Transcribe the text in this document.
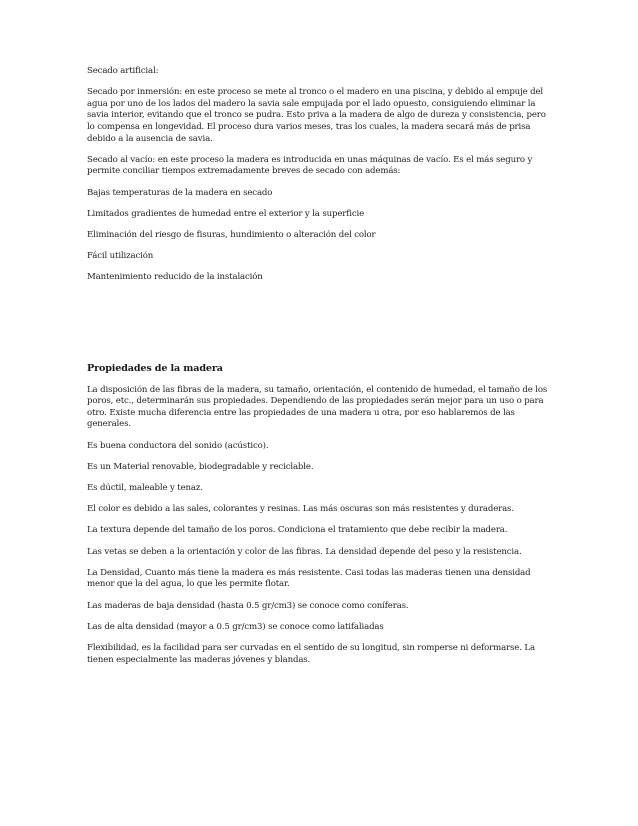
Secado artificial:

Secado por inmersión: en este proceso se mete al tronco o el madero en una piscina, y debido al empuje del agua por uno de los lados del madero la savia sale empujada por el lado opuesto, consiguiendo eliminar la savia interior, evitando que el tronco se pudra. Esto priva a la madera de algo de dureza y consistencia, pero lo compensa en longevidad. El proceso dura varios meses, tras los cuales, la madera secará más de prisa debido a la ausencia de savia.

Secado al vacío: en este proceso la madera es introducida en unas máquinas de vacío. Es el más seguro y permite conciliar tiempos extremadamente breves de secado con además:

Bajas temperaturas de la madera en secado

Limitados gradientes de humedad entre el exterior y la superficie

Eliminación del riesgo de fisuras, hundimiento o alteración del color

Fácil utilización

Mantenimiento reducido de la instalación

Propiedades de la madera

La disposición de las fibras de la madera, su tamaño, orientación, el contenido de humedad, el tamaño de los poros, etc., determinarán sus propiedades. Dependiendo de las propiedades serán mejor para un uso o para otro. Existe mucha diferencia entre las propiedades de una madera u otra, por eso hablaremos de las generales.

Es buena conductora del sonido (acústico).

Es un Material renovable, biodegradable y reciclable.

Es dúctil, maleable y tenaz.

El color es debido a las sales, colorantes y resinas. Las más oscuras son más resistentes y duraderas.

La textura depende del tamaño de los poros. Condiciona el tratamiento que debe recibir la madera.

Las vetas se deben a la orientación y color de las fibras. La densidad depende del peso y la resistencia.

La Densidad, Cuanto más tiene la madera es más resistente. Casi todas las maderas tienen una densidad menor que la del agua, lo que les permite flotar.

Las maderas de baja densidad (hasta 0.5 gr/cm3) se conoce como coníferas.

Las de alta densidad (mayor a 0.5 gr/cm3) se conoce como latifaliadas

Flexibilidad, es la facilidad para ser curvadas en el sentido de su longitud, sin romperse ni deformarse. La tienen especialmente las maderas jóvenes y blandas.
